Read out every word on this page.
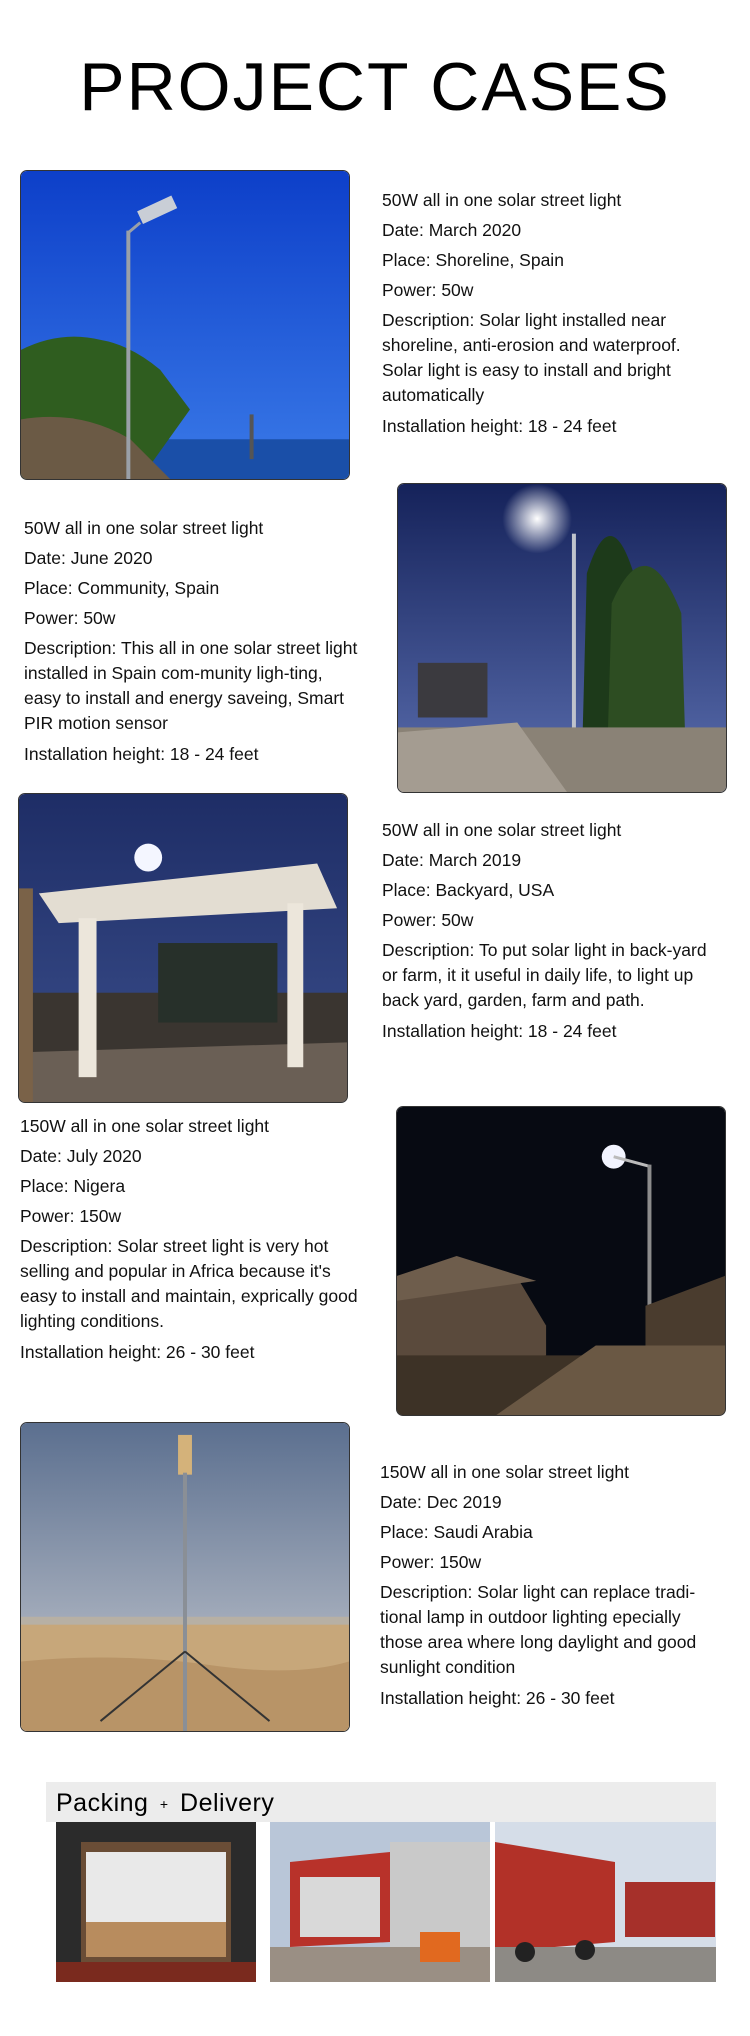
PROJECT CASES
50W all in one solar street light
Date: March 2020
Place: Shoreline, Spain
Power: 50w
Description: Solar light installed near shoreline, anti-erosion and waterproof. Solar light is easy to install and bright automatically
Installation height: 18 - 24 feet
50W all in one solar street light
Date: June 2020
Place: Community, Spain
Power: 50w
Description: This all in one solar street light installed in Spain com-munity ligh-ting, easy to install and energy saveing, Smart PIR motion sensor
Installation height: 18 - 24 feet
50W all in one solar street light
Date: March 2019
Place: Backyard, USA
Power: 50w
Description: To put solar light in back-yard or farm, it it useful in daily life, to light up back yard, garden, farm and path.
Installation height: 18 - 24 feet
150W all in one solar street light
Date: July 2020
Place: Nigera
Power: 150w
Description: Solar street light is very hot selling and popular in Africa because it's easy to install and maintain, exprically good lighting conditions.
Installation height: 26 - 30 feet
150W all in one solar street light
Date: Dec 2019
Place: Saudi Arabia
Power: 150w
Description: Solar light can replace tradi-tional lamp in outdoor lighting epecially those area where long daylight and good sunlight condition
Installation height: 26 - 30 feet
Packing + Delivery
